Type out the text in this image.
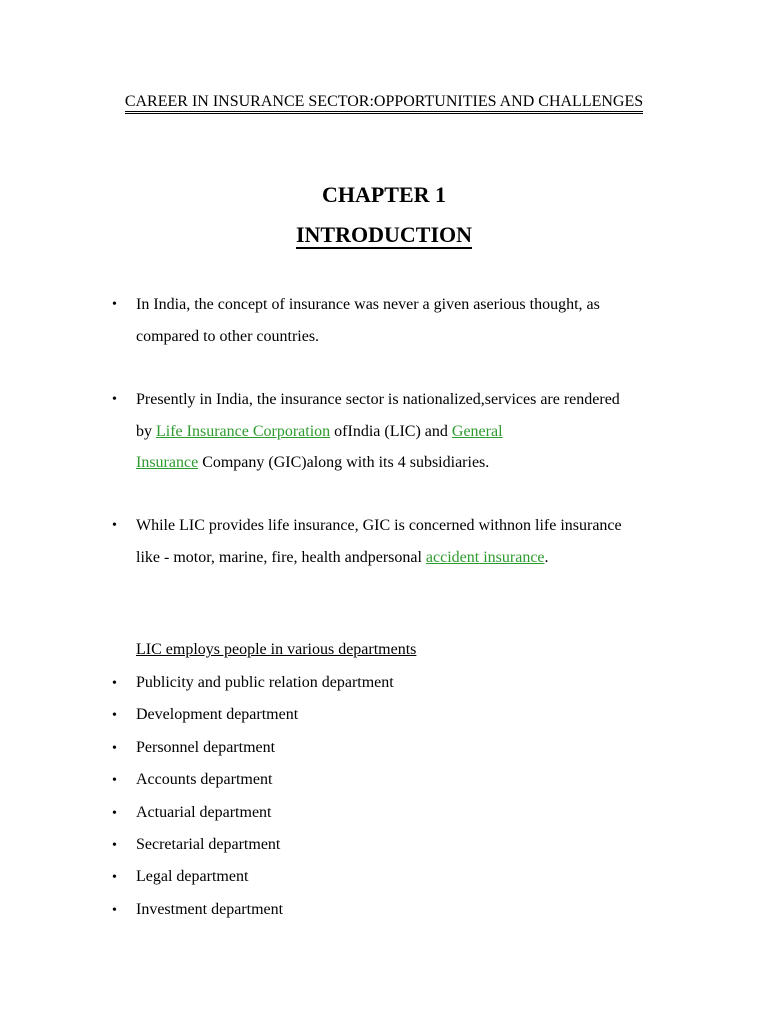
CAREER IN INSURANCE SECTOR:OPPORTUNITIES AND CHALLENGES
CHAPTER 1
INTRODUCTION
• In India, the concept of insurance was never a given aserious thought, as
compared to other countries.
• Presently in India, the insurance sector is nationalized,services are rendered
by Life Insurance Corporation ofIndia (LIC) and General
Insurance Company (GIC)along with its 4 subsidiaries.
• While LIC provides life insurance, GIC is concerned withnon life insurance
like - motor, marine, fire, health andpersonal accident insurance.
LIC employs people in various departments
• Publicity and public relation department
• Development department
• Personnel department
• Accounts department
• Actuarial department
• Secretarial department
• Legal department
• Investment department
